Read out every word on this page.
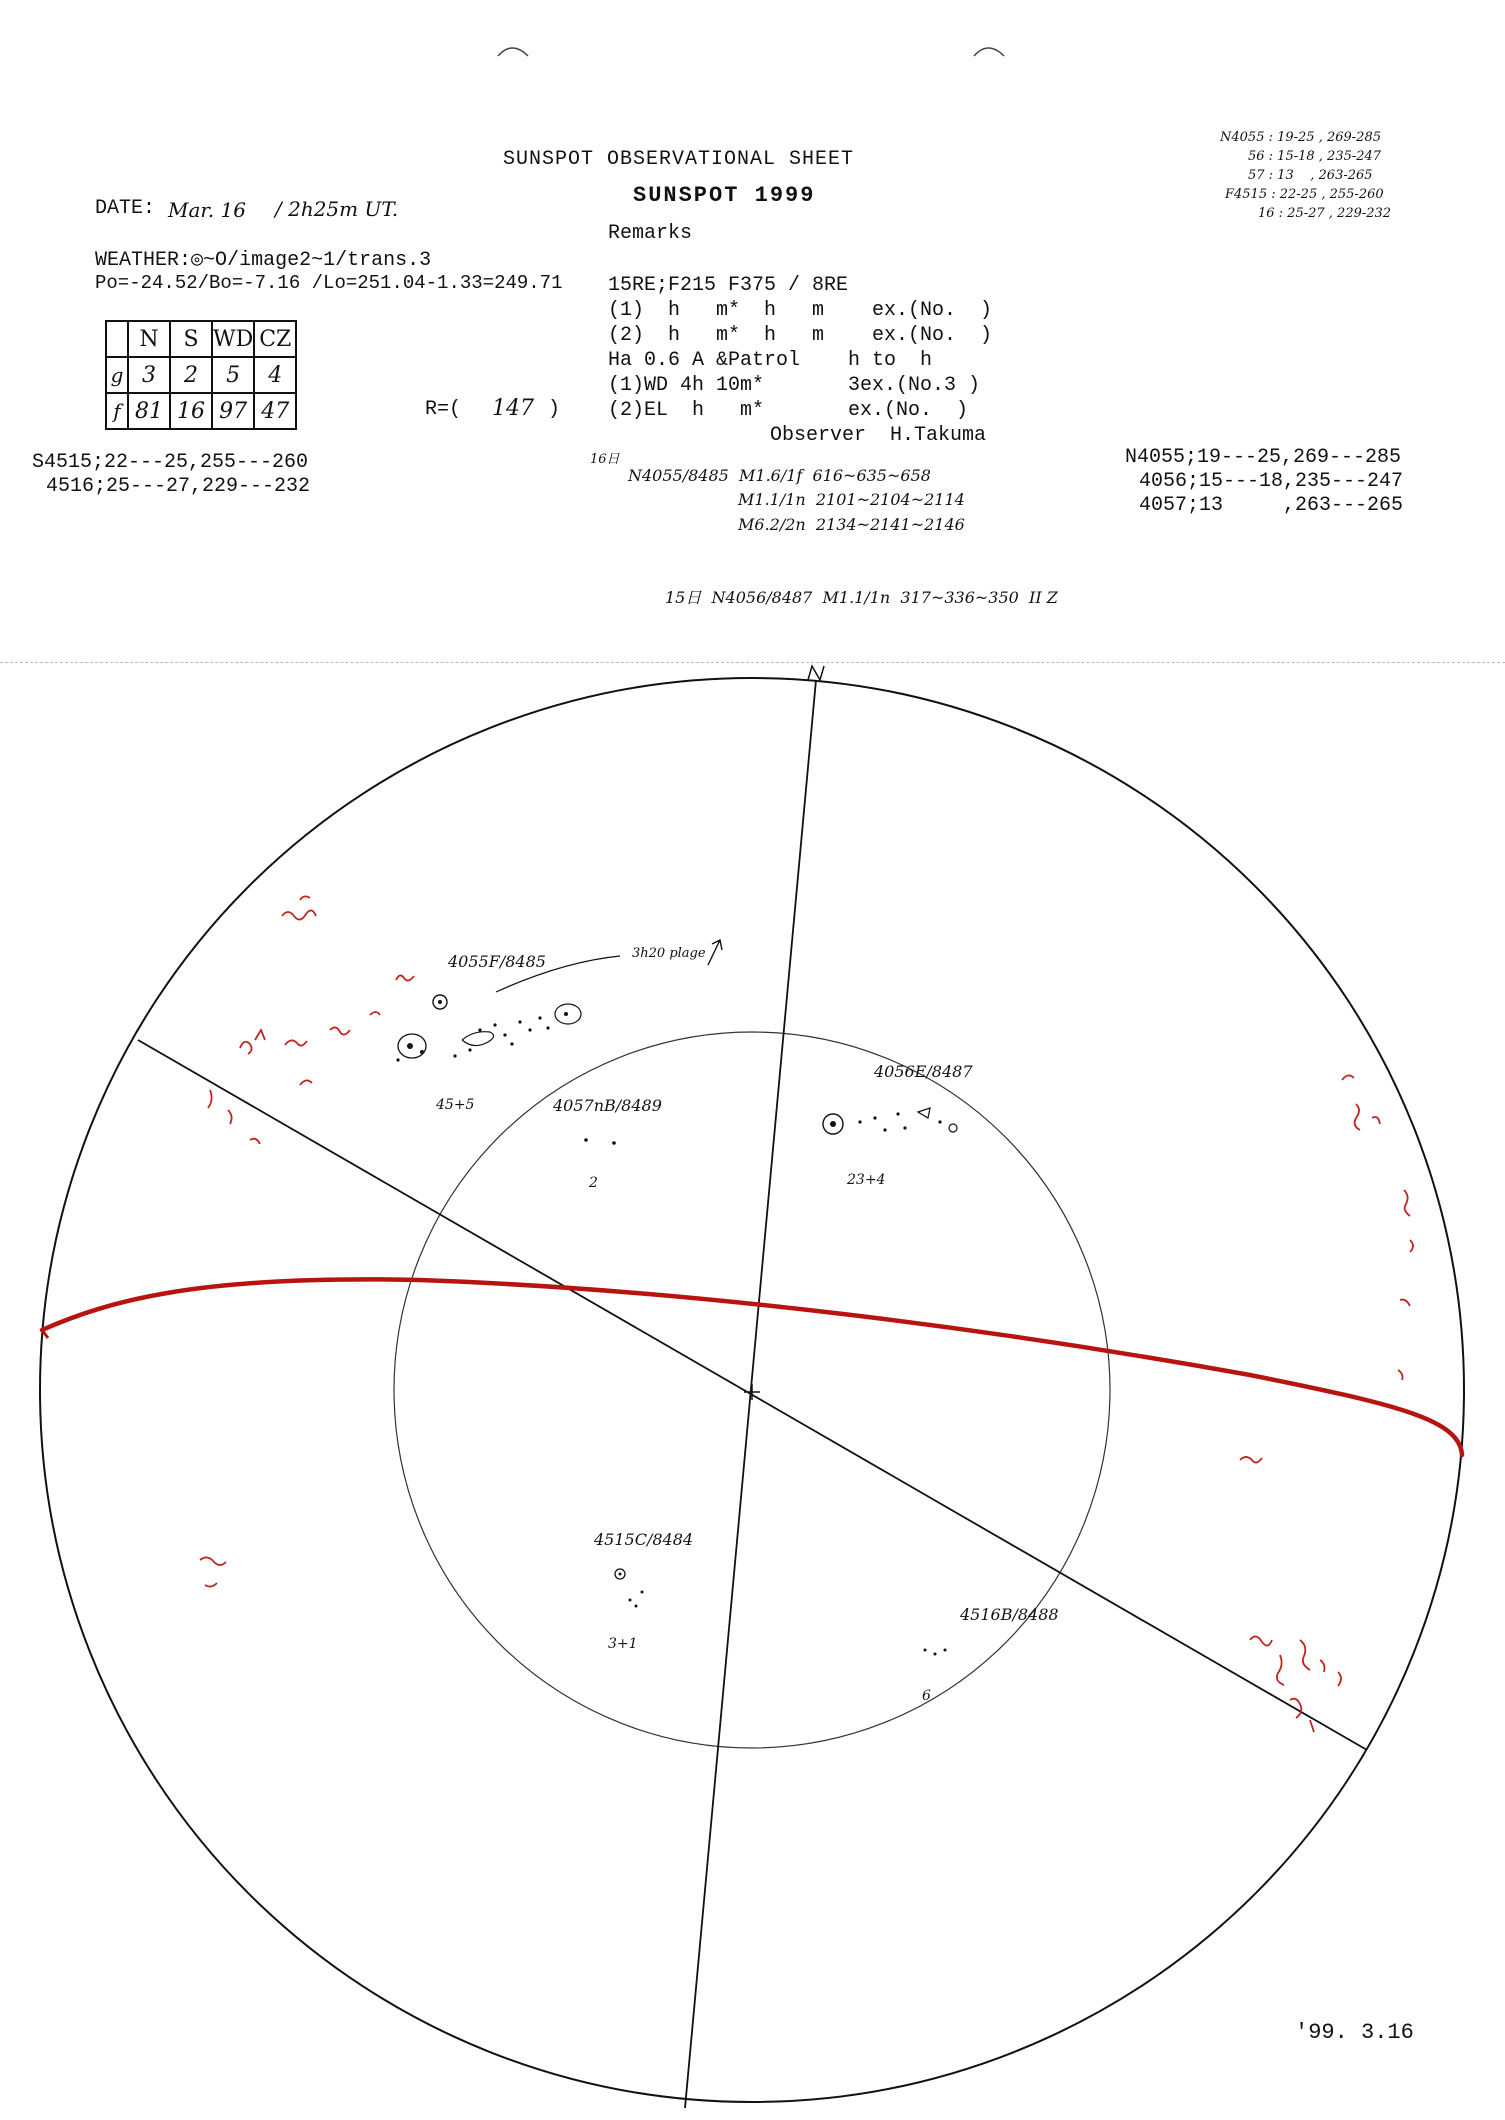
SUNSPOT OBSERVATIONAL SHEET
SUNSPOT 1999
Remarks
DATE: Mar. 16 / 2h25m UT.
WEATHER:◎~O/image2~1/trans.3
Po=-24.52/Bo=-7.16 /Lo=251.04-1.33=249.71
	N	S	WD	CZ
g	3	2	5	4
f	81	16	97	47	R=( 147 )
15RE;F215 F375 / 8RE
(1)  h   m*  h   m    ex.(No.  )
(2)  h   m*  h   m    ex.(No.  )
Ha 0.6 A &Patrol    h to  h
(1)WD 4h 10m*       3ex.(No.3 )
(2)EL  h   m*       ex.(No.  )
Observer  H.Takuma
S4515;22---25,255---260
4516;25---27,229---232
N4055;19---25,269---285
4056;15---18,235---247
4057;13     ,263---265
N4055 : 19-25 , 269-285
56 : 15-18 , 235-247
57 : 13    , 263-265
F4515 : 22-25 , 255-260
16 : 25-27 , 229-232
16日
N4055/8485  M1.6/1f  616~635~658
M1.1/1n  2101~2104~2114
M6.2/2n  2134~2141~2146
15日  N4056/8487  M1.1/1n  317~336~350  II Z
4055F/8485
45+5
3h20 plage
4057nB/8489
2
4056E/8487
23+4
4515C/8484
3+1
4516B/8488
6
'99. 3.16
